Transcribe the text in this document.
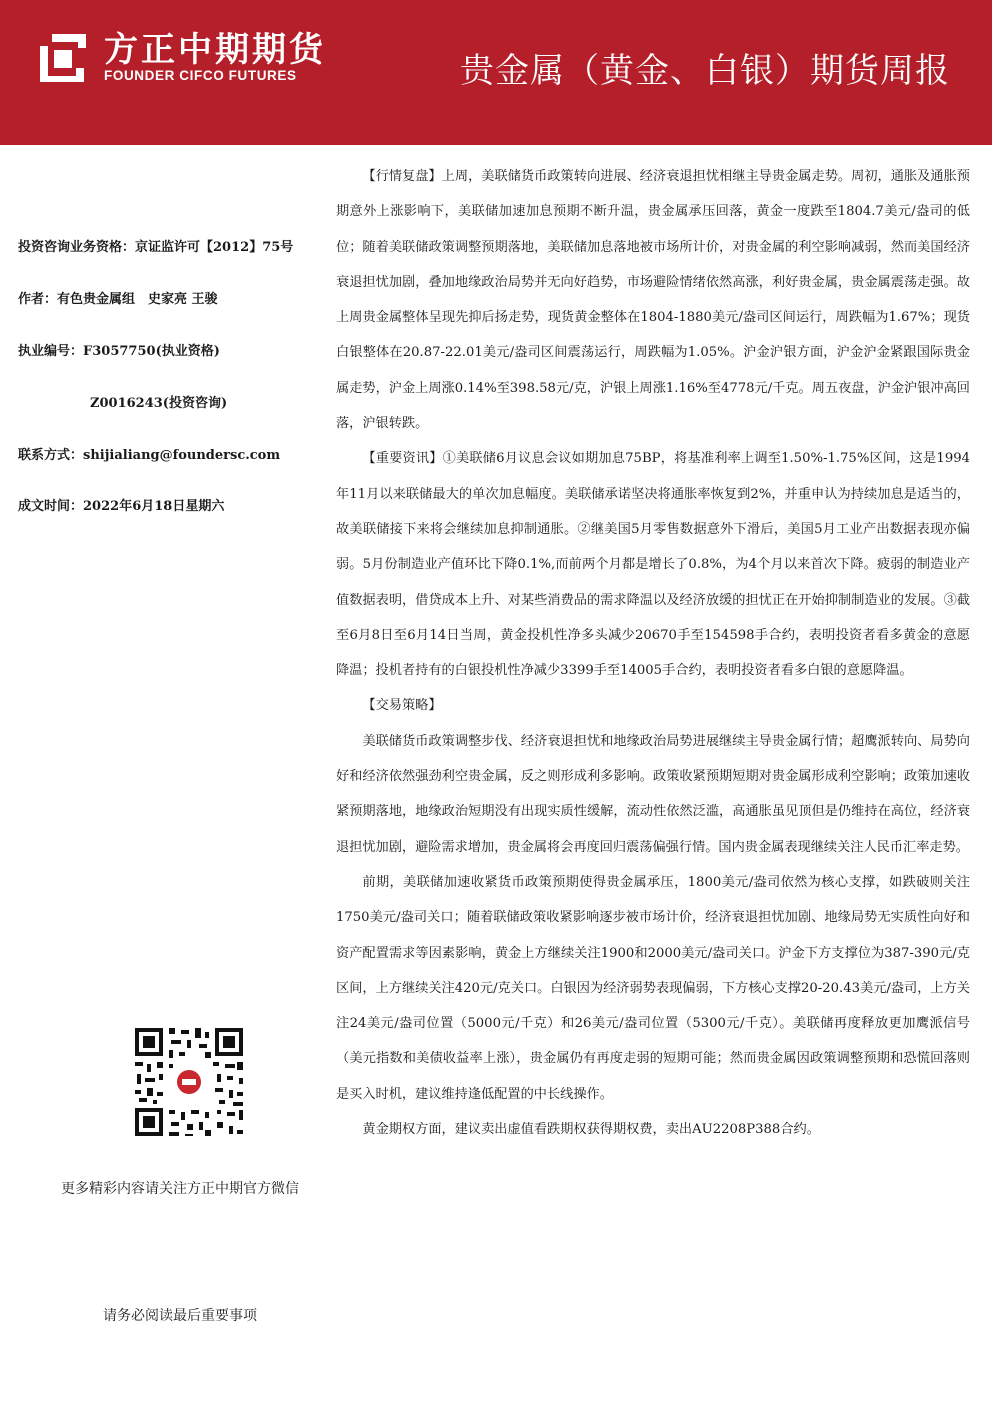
方正中期期货
FOUNDER CIFCO FUTURES	贵金属（黄金、白银）期货周报
投资咨询业务资格：京证监许可【2012】75号
作者：有色贵金属组　史家亮 王骏
执业编号：F3057750(执业资格)
Z0016243(投资咨询)
联系方式：shijialiang@foundersc.com
成文时间：2022年6月18日星期六
更多精彩内容请关注方正中期官方微信
请务必阅读最后重要事项

【行情复盘】上周，美联储货币政策转向进展、经济衰退担忧相继主导贵金属走势。周初，通胀及通胀预期意外上涨影响下，美联储加速加息预期不断升温，贵金属承压回落，黄金一度跌至1804.7美元/盎司的低位；随着美联储政策调整预期落地，美联储加息落地被市场所计价，对贵金属的利空影响减弱，然而美国经济衰退担忧加剧，叠加地缘政治局势并无向好趋势，市场避险情绪依然高涨，利好贵金属，贵金属震荡走强。故上周贵金属整体呈现先抑后扬走势，现货黄金整体在1804-1880美元/盎司区间运行，周跌幅为1.67%；现货白银整体在20.87-22.01美元/盎司区间震荡运行，周跌幅为1.05%。沪金沪银方面，沪金沪金紧跟国际贵金属走势，沪金上周涨0.14%至398.58元/克，沪银上周涨1.16%至4778元/千克。周五夜盘，沪金沪银冲高回落，沪银转跌。

【重要资讯】①美联储6月议息会议如期加息75BP，将基准利率上调至1.50%-1.75%区间，这是1994年11月以来联储最大的单次加息幅度。美联储承诺坚决将通胀率恢复到2%，并重申认为持续加息是适当的，故美联储接下来将会继续加息抑制通胀。②继美国5月零售数据意外下滑后，美国5月工业产出数据表现亦偏弱。5月份制造业产值环比下降0.1%,而前两个月都是增长了0.8%，为4个月以来首次下降。疲弱的制造业产值数据表明，借贷成本上升、对某些消费品的需求降温以及经济放缓的担忧正在开始抑制制造业的发展。③截至6月8日至6月14日当周，黄金投机性净多头减少20670手至154598手合约，表明投资者看多黄金的意愿降温；投机者持有的白银投机性净减少3399手至14005手合约，表明投资者看多白银的意愿降温。

【交易策略】

美联储货币政策调整步伐、经济衰退担忧和地缘政治局势进展继续主导贵金属行情；超鹰派转向、局势向好和经济依然强劲利空贵金属，反之则形成利多影响。政策收紧预期短期对贵金属形成利空影响；政策加速收紧预期落地，地缘政治短期没有出现实质性缓解，流动性依然泛滥，高通胀虽见顶但是仍维持在高位，经济衰退担忧加剧，避险需求增加，贵金属将会再度回归震荡偏强行情。国内贵金属表现继续关注人民币汇率走势。

前期，美联储加速收紧货币政策预期使得贵金属承压，1800美元/盎司依然为核心支撑，如跌破则关注1750美元/盎司关口；随着联储政策收紧影响逐步被市场计价，经济衰退担忧加剧、地缘局势无实质性向好和资产配置需求等因素影响，黄金上方继续关注1900和2000美元/盎司关口。沪金下方支撑位为387-390元/克区间，上方继续关注420元/克关口。白银因为经济弱势表现偏弱，下方核心支撑20-20.43美元/盎司，上方关注24美元/盎司位置（5000元/千克）和26美元/盎司位置（5300元/千克）。美联储再度释放更加鹰派信号（美元指数和美债收益率上涨），贵金属仍有再度走弱的短期可能；然而贵金属因政策调整预期和恐慌回落则是买入时机，建议维持逢低配置的中长线操作。

黄金期权方面，建议卖出虚值看跌期权获得期权费，卖出AU2208P388合约。
